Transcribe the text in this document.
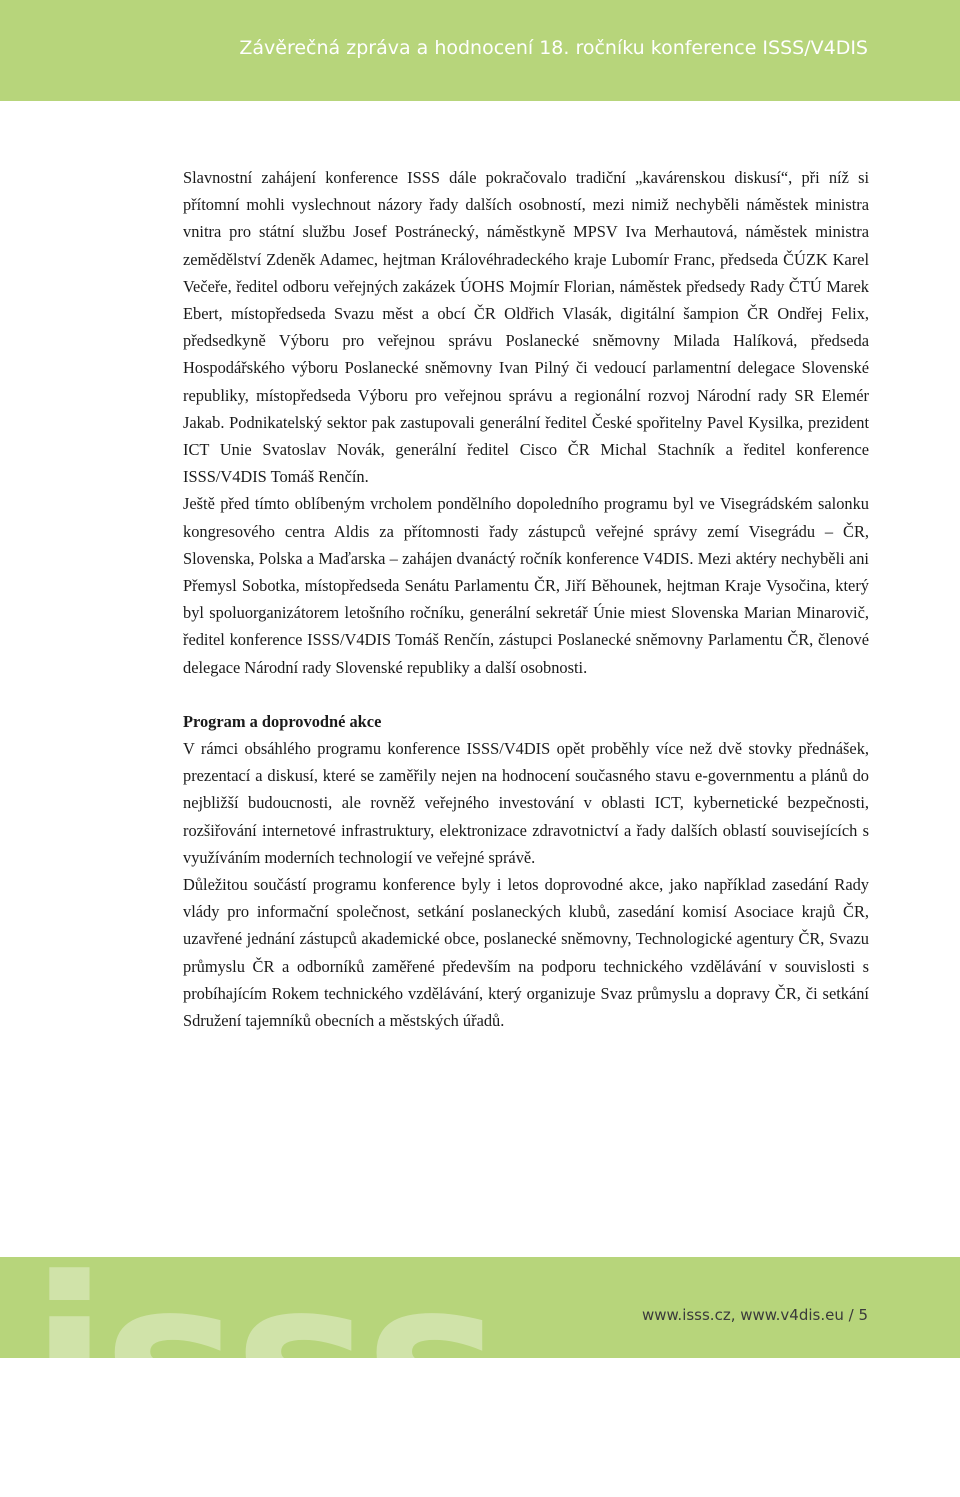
Závěrečná zpráva a hodnocení 18. ročníku konference ISSS/V4DIS

Slavnostní zahájení konference ISSS dále pokračovalo tradiční „kavárenskou diskusí“, při níž si přítomní mohli vyslechnout názory řady dalších osobností, mezi nimiž nechyběli náměstek ministra vnitra pro státní službu Josef Postránecký, náměstkyně MPSV Iva Merhautová, náměstek ministra zemědělství Zdeněk Adamec, hejtman Královéhradeckého kraje Lubomír Franc, předseda ČÚZK Karel Večeře, ředitel odboru veřejných zakázek ÚOHS Mojmír Florian, náměstek předsedy Rady ČTÚ Marek Ebert, místopředseda Svazu měst a obcí ČR Oldřich Vlasák, digitální šampion ČR Ondřej Felix, předsedkyně Výboru pro veřejnou správu Poslanecké sněmovny Milada Halíková, předseda Hospodářského výboru Poslanecké sněmovny Ivan Pilný či vedoucí parlamentní delegace Slovenské republiky, místopředseda Výboru pro veřejnou správu a regionální rozvoj Národní rady SR Elemér Jakab. Podnikatelský sektor pak zastupovali generální ředitel České spořitelny Pavel Kysilka, prezident ICT Unie Svatoslav Novák, generální ředitel Cisco ČR Michal Stachník a ředitel konference ISSS/V4DIS Tomáš Renčín.

Ještě před tímto oblíbeným vrcholem pondělního dopoledního programu byl ve Visegrádském salonku kongresového centra Aldis za přítomnosti řady zástupců veřejné správy zemí Visegrádu – ČR, Slovenska, Polska a Maďarska – zahájen dvanáctý ročník konference V4DIS. Mezi aktéry nechyběli ani Přemysl Sobotka, místopředseda Senátu Parlamentu ČR, Jiří Běhounek, hejtman Kraje Vysočina, který byl spoluorganizátorem letošního ročníku, generální sekretář Únie miest Slovenska Marian Minarovič, ředitel konference ISSS/V4DIS Tomáš Renčín, zástupci Poslanecké sněmovny Parlamentu ČR, členové delegace Národní rady Slovenské republiky a další osobnosti.

Program a doprovodné akce

V rámci obsáhlého programu konference ISSS/V4DIS opět proběhly více než dvě stovky přednášek, prezentací a diskusí, které se zaměřily nejen na hodnocení současného stavu e-governmentu a plánů do nejbližší budoucnosti, ale rovněž veřejného investování v oblasti ICT, kybernetické bezpečnosti, rozšiřování internetové infrastruktury, elektronizace zdravotnictví a řady dalších oblastí souvisejících s využíváním moderních technologií ve veřejné správě.

Důležitou součástí programu konference byly i letos doprovodné akce, jako například zasedání Rady vlády pro informační společnost, setkání poslaneckých klubů, zasedání komisí Asociace krajů ČR, uzavřené jednání zástupců akademické obce, poslanecké sněmovny, Technologické agentury ČR, Svazu průmyslu ČR a odborníků zaměřené především na podporu technického vzdělávání v souvislosti s probíhajícím Rokem technického vzdělávání, který organizuje Svaz průmyslu a dopravy ČR, či setkání Sdružení tajemníků obecních a městských úřadů.

isss	www.isss.cz, www.v4dis.eu / 5
